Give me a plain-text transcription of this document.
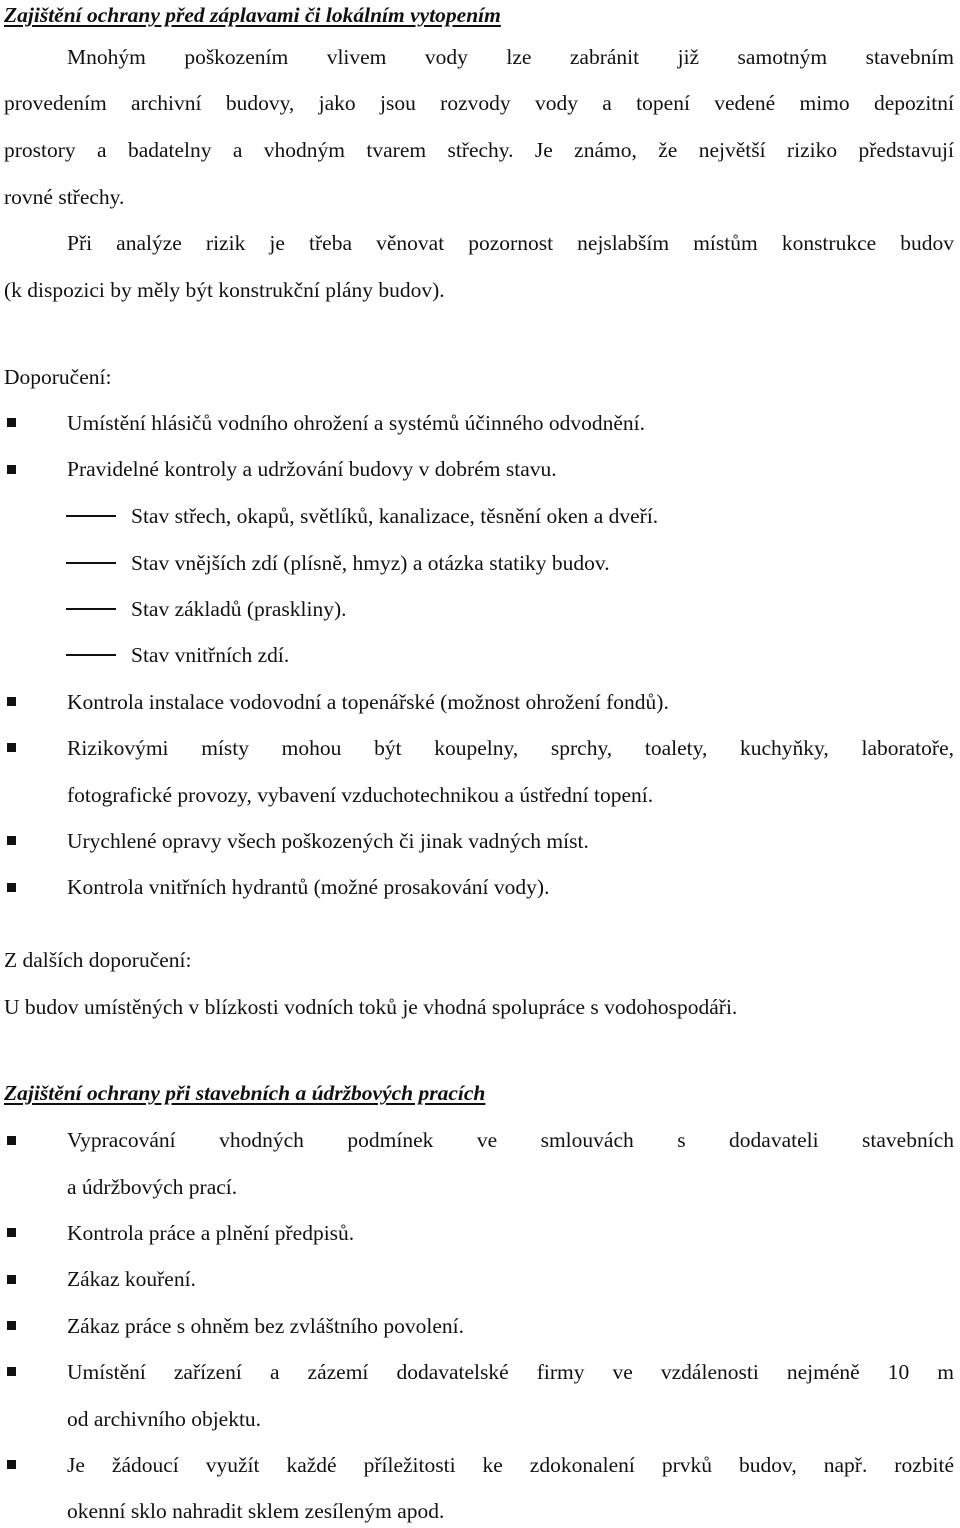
Zajištění ochrany před záplavami či lokálním vytopením
Mnohým poškozením vlivem vody lze zabránit již samotným stavebním
provedením archivní budovy, jako jsou rozvody vody a topení vedené mimo depozitní
prostory a badatelny a vhodným tvarem střechy. Je známo, že největší riziko představují
rovné střechy.
Při analýze rizik je třeba věnovat pozornost nejslabším místům konstrukce budov
(k dispozici by měly být konstrukční plány budov).
Doporučení:
Umístění hlásičů vodního ohrožení a systémů účinného odvodnění.
Pravidelné kontroly a udržování budovy v dobrém stavu.
Stav střech, okapů, světlíků, kanalizace, těsnění oken a dveří.
Stav vnějších zdí (plísně, hmyz) a otázka statiky budov.
Stav základů (praskliny).
Stav vnitřních zdí.
Kontrola instalace vodovodní a topenářské (možnost ohrožení fondů).
Rizikovými místy mohou být koupelny, sprchy, toalety, kuchyňky, laboratoře,
fotografické provozy, vybavení vzduchotechnikou a ústřední topení.
Urychlené opravy všech poškozených či jinak vadných míst.
Kontrola vnitřních hydrantů (možné prosakování vody).
Z dalších doporučení:
U budov umístěných v blízkosti vodních toků je vhodná spolupráce s vodohospodáři.
Zajištění ochrany při stavebních a údržbových pracích
Vypracování vhodných podmínek ve smlouvách s dodavateli stavebních
a údržbových prací.
Kontrola práce a plnění předpisů.
Zákaz kouření.
Zákaz práce s ohněm bez zvláštního povolení.
Umístění zařízení a zázemí dodavatelské firmy ve vzdálenosti nejméně 10 m
od archivního objektu.
Je žádoucí využít každé příležitosti ke zdokonalení prvků budov, např. rozbité
okenní sklo nahradit sklem zesíleným apod.
